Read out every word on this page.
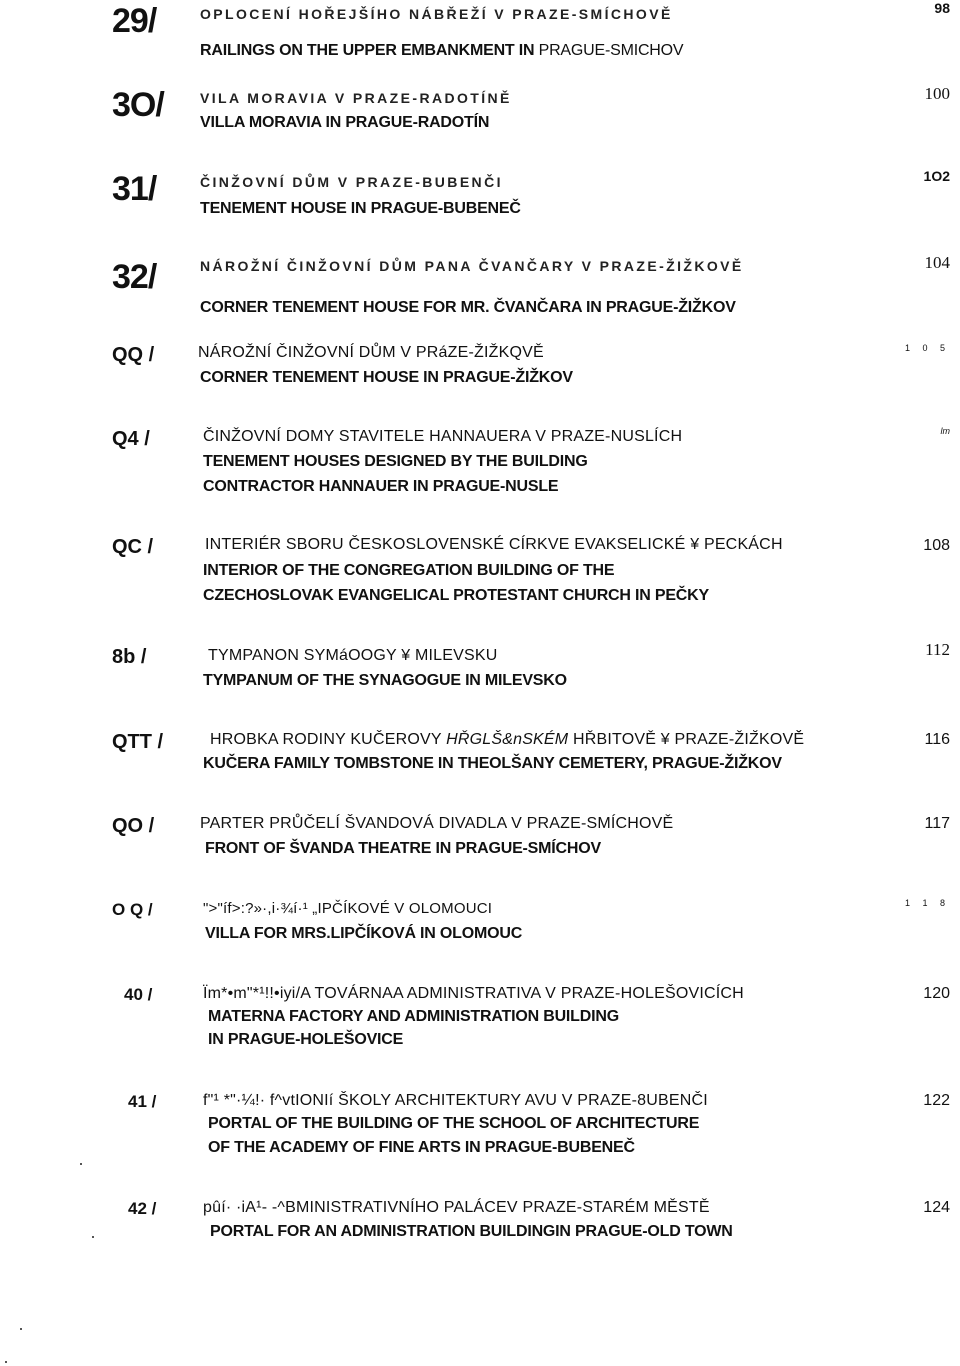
29/	OPLOCENÍ HOŘEJŠÍHO NÁBŘEŽÍ V PRAZE-SMÍCHOVĚ
RAILINGS ON THE UPPER EMBANKMENT IN PRAGUE-SMICHOV
98
3O/	VILA MORAVIA V PRAZE-RADOTÍNĚ
VILLA MORAVIA IN PRAGUE-RADOTÍN
100
31/	ČINŽOVNÍ DŮM V PRAZE-BUBENČI
TENEMENT HOUSE IN PRAGUE-BUBENEČ
1O2
32/	NÁROŽNÍ ČINŽOVNÍ DŮM PANA ČVANČARY V PRAZE-ŽIŽKOVĚ
CORNER TENEMENT HOUSE FOR MR. ČVANČARA IN PRAGUE-ŽIŽKOV
104
QQ /	NÁROŽNÍ ČINŽOVNÍ DŮM V PRáZE-ŽIŽKQVĚ
CORNER TENEMENT HOUSE IN PRAGUE-ŽIŽKOV
1 0 5
Q4 /	ČINŽOVNÍ DOMY STAVITELE HANNAUERA V PRAZE-NUSLÍCH
TENEMENT HOUSES DESIGNED BY THE BUILDING
CONTRACTOR HANNAUER IN PRAGUE-NUSLE
lm
QC /	INTERIÉR SBORU ČESKOSLOVENSKÉ CÍRKVE EVAKSELICKÉ ¥ PECKÁCH
INTERIOR OF THE CONGREGATION BUILDING OF THE
CZECHOSLOVAK EVANGELICAL PROTESTANT CHURCH IN PEČKY
108
8b /	TYMPANON SYMáOOGY ¥ MILEVSKU
TYMPANUM OF THE SYNAGOGUE IN MILEVSKO
112
QTT /	HROBKA RODINY KUČEROVY HŘGLŠ&nSKÉM HŘBITOVĚ ¥ PRAZE-ŽIZ̆KOVĚ̆
KUČERA FAMILY TOMBSTONE IN THEOLŠANY CEMETERY, PRAGUE-ŽIŽKOV
116
QO /	PARTER PRŮČELÍ ŠVANDOVÁ DIVADLA V PRAZE-SMÍCHOVĚ
FRONT OF ŠVANDA THEATRE IN PRAGUE-SMÍCHOV
117
O Q /	">"íf>:?»·,i·¾í·¹ „IPČÍKOVÉ V OLOMOUCI
VILLA FOR MRS.LIPČÍKOVÁ IN OLOMOUC
1 1 8
40 /	Ïm*•m"*¹!!•iyi/A TOVÁRNAA ADMINISTRATIVA V PRAZE-HOLEŠOVICÍCH
MATERNA FACTORY AND ADMINISTRATION BUILDING
IN PRAGUE-HOLEŠOVICE
120
41 /	f"¹ *"·¼!· f^vtIONIí ŠKOLY ARCHITEKTURY AVU V PRAZE-8UBENČI
PORTAL OF THE BUILDING OF THE SCHOOL OF ARCHITECTURE
OF THE ACADEMY OF FINE ARTS IN PRAGUE-BUBENEČ
122
42 /	pûí· ·iA¹- -^BMINISTRATIVNÍHO PALÁCEV PRAZE-STARÉM MĚSTĚ
PORTAL FOR AN ADMINISTRATION BUILDINGIN PRAGUE-OLD TOWN
124
